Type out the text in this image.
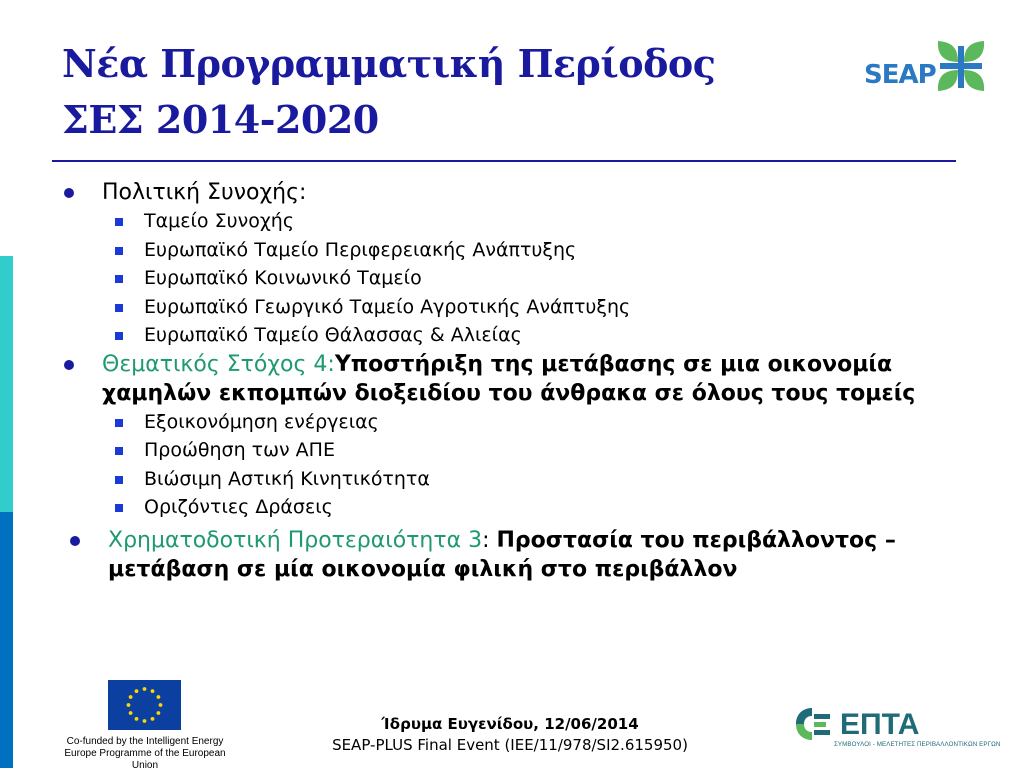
Νέα Προγραμματική Περίοδος
ΣΕΣ 2014-2020
SEAP
Πολιτική Συνοχής:
Ταμείο Συνοχής
Ευρωπαϊκό Ταμείο Περιφερειακής Ανάπτυξης
Ευρωπαϊκό Κοινωνικό Ταμείο
Ευρωπαϊκό Γεωργικό Ταμείο Αγροτικής Ανάπτυξης
Ευρωπαϊκό Ταμείο Θάλασσας & Αλιείας
Θεματικός Στόχος 4:Υποστήριξη της μετάβασης σε μια οικονομία χαμηλών εκπομπών διοξειδίου του άνθρακα σε όλους τους τομείς
Εξοικονόμηση ενέργειας
Προώθηση των ΑΠΕ
Βιώσιμη Αστική Κινητικότητα
Οριζόντιες Δράσεις
Χρηματοδοτική Προτεραιότητα 3: Προστασία του περιβάλλοντος – μετάβαση σε μία οικονομία φιλική στο περιβάλλον
Co-funded by the Intelligent Energy Europe Programme of the European Union
Ίδρυμα Ευγενίδου, 12/06/2014
SEAP-PLUS Final Event (IEE/11/978/SI2.615950)
ΕΠΤΑ
ΣΥΜΒΟΥΛΟΙ - ΜΕΛΕΤΗΤΕΣ ΠΕΡΙΒΑΛΛΟΝΤΙΚΩΝ ΕΡΓΩΝ
